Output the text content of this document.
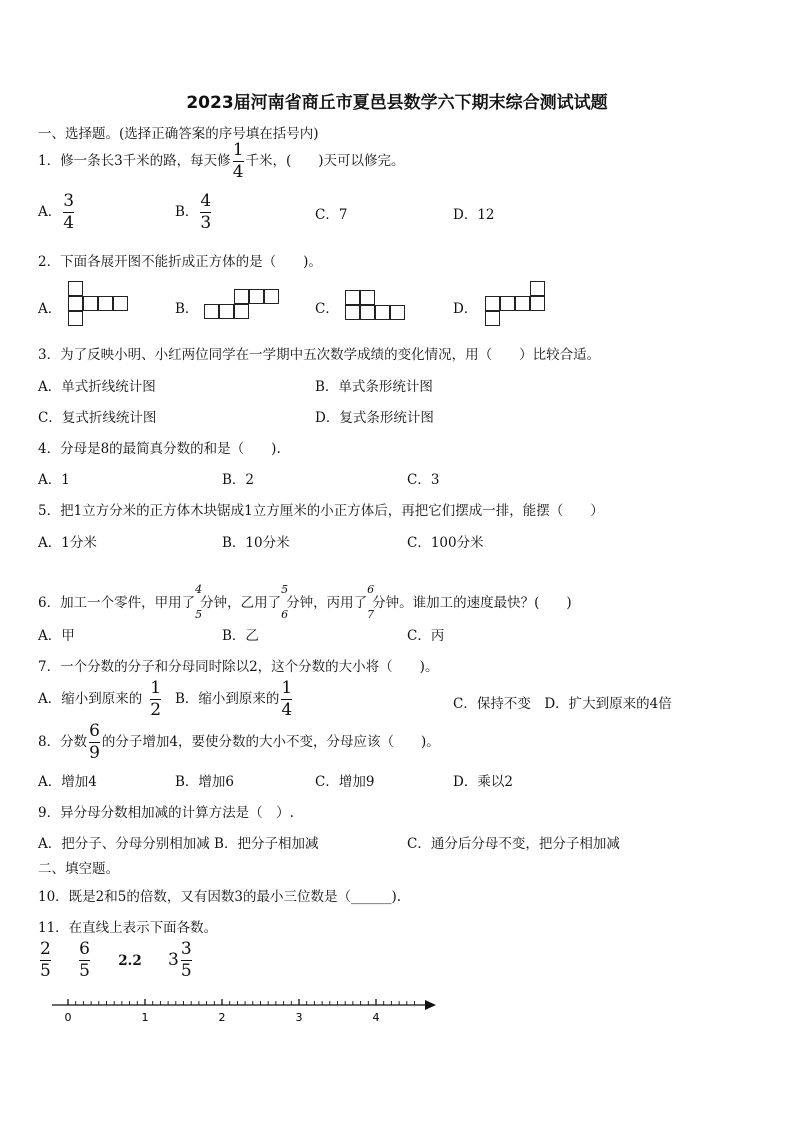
2023届河南省商丘市夏邑县数学六下期末综合测试试题
一、选择题。(选择正确答案的序号填在括号内)
1．修一条长3千米的路，每天修 $\frac{1}{4}$ 千米，(　　)天可以修完。
A． $\frac{3}{4}$	B． $\frac{4}{3}$	C．7	D．12
2．下面各展开图不能折成正方体的是（　　)。
A．	B．	C．	D．
3．为了反映小明、小红两位同学在一学期中五次数学成绩的变化情况，用（　　）比较合适。
A．单式折线统计图	B．单式条形统计图
C．复式折线统计图	D．复式条形统计图
4．分母是8的最简真分数的和是（　　).
A．1	B．2	C．3
5．把1立方分米的正方体木块锯成1立方厘米的小正方体后，再把它们摆成一排，能摆（　　）
A．1分米	B．10分米	C．100分米
6．加工一个零件，甲用了
4
5
分钟，乙用了
5
6
分钟，丙用了
6
7
分钟。谁加工的速度最快？(　　)
A．甲	B．乙	C．丙
7．一个分数的分子和分母同时除以2，这个分数的大小将（　　)。
A．缩小到原来的 $\frac{1}{2}$ B．缩小到原来的 $\frac{1}{4}$	C．保持不变　D．扩大到原来的4倍
8．分数 $\frac{6}{9}$ 的分子增加4，要使分数的大小不变，分母应该（　　)。
A．增加4	B．增加6	C．增加9	D．乘以2
9．异分母分数相加减的计算方法是（　）.
A．把分子、分母分别相加减 B．把分子相加减	C．通分后分母不变，把分子相加减
二、填空题。
10．既是2和5的倍数，又有因数3的最小三位数是（______).
11．在直线上表示下面各数。
$\frac{2}{5}$
$\frac{6}{5} 2.2$ $3 \frac{3}{5}$
0	1	2	3	4
